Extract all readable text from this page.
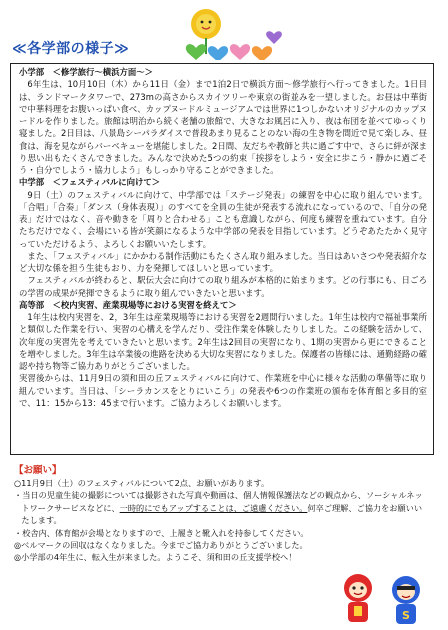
≪各学部の様子≫
小学部　 ＜修学旅行～横浜方面～＞
6年生は、10月10日（木）から11日（金）まで1泊2日で横浜方面～修学旅行へ行ってきました。1日目は、ランドマークタワーで、273mの高さからスカイツリーや東京の街並みを一望しました。お昼は中華街で中華料理をお腹いっぱい食べ、カップヌードルミュージアムでは世界に1つしかないオリジナルのカップヌードルを作りました。旅館は明治から続く老舗の旅館で、大きなお風呂に入り、夜は布団を並べてゆっくり寝ました。2日目は、八景島シーパラダイスで普段あまり見ることのない海の生き物を間近で見て楽しみ、昼食は、海を見ながらバーベキューを堪能しました。2日間、友だちや教師と共に過ごす中で、さらに絆が深まり思い出もたくさんできました。みんなで決めた5つの約束「挨拶をしよう・安全に歩こう・静かに過ごそう・自分でしよう・協力しよう」もしっかり守ることができました。
中学部　 ＜フェスティバルに向けて＞
9日（土）のフェスティバルに向けて、中学部では「ステージ発表」の練習を中心に取り組んでいます。「合唱」「合奏」「ダンス（身体表現）」のすべてを全員の生徒が発表する流れになっているので、「自分の発表」だけではなく、音や動きを「周りと合わせる」ことも意識しながら、何度も練習を重ねています。自分たちだけでなく、会場にいる皆が笑顔になるような中学部の発表を目指しています。どうぞあたたかく見守っていただけるよう、よろしくお願いいたします。
また、「フェスティバル」にかかわる制作活動にもたくさん取り組みました。当日はあいさつや発表紹介など大切な係を担う生徒もおり、力を発揮してほしいと思っています。
フェスティバルが終わると、駅伝大会に向けての取り組みが本格的に始まります。どの行事にも、日ごろの学習の成果が発揮できるように取り組んでいきたいと思います。
高等部　 ＜校内実習、産業現場等における実習を終えて＞
1年生は校内実習を、2，3年生は産業現場等における実習を2週間行いました。1年生は校内で福祉事業所と類似した作業を行い、実習の心構えを学んだり、受注作業を体験したりしました。この経験を活かして、次年度の実習先を考えていきたいと思います。2年生は2回目の実習になり、1期の実習から更にできることを増やしました。3年生は卒業後の進路を決める大切な実習になりました。保護者の皆様には、通勤経路の確認や持ち物等ご協力ありがとうございました。
実習後からは、11月9日の須和田の丘フェスティバルに向けて、作業班を中心に様々な活動の準備等に取り組んでいます。当日は、「シーラカンスをとりにいこう」の発表や6つの作業班の頒布を体育館と多目的室で、11：15から13：45まで行います。ご協力よろしくお願いします。
【お願い】
○11月9日（土）のフェスティバルについて2点、お願いがあります。
・当日の児童生徒の撮影については撮影された写真や動画は、個人情報保護法などの観点から、ソーシャルネットワークサービスなどに、一時的にでもアップすることは、ご遠慮ください。何卒ご理解、ご協力をお願いいたします。
・校舎内、体育館が会場となりますので、上履きと靴入れを持参してください。
◎ベルマークの回収はなくなりました。今までご協力ありがとうございました。
◎小学部の4年生に、転入生が来ました。ようこそ、須和田の丘支援学校へ！
S
